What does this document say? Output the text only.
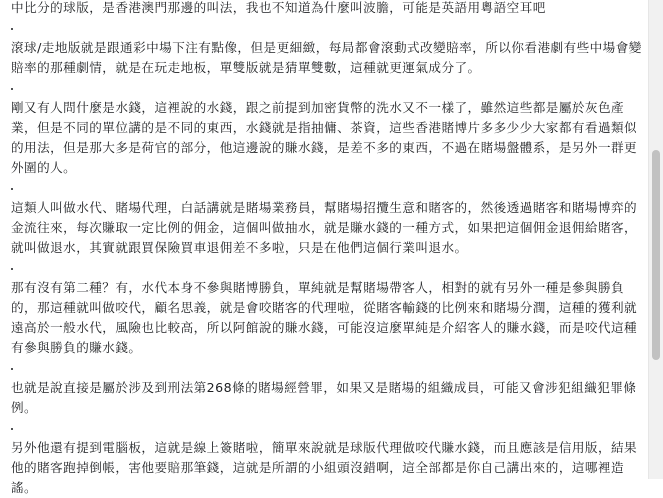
中比分的球版，是香港澳門那邊的叫法，我也不知道為什麼叫波膽，可能是英語用粵語空耳吧

滾球/走地版就是跟通彩中場下注有點像，但是更細緻，每局都會滾動式改變賠率，所以你看港劇有些中場會變賠率的那種劇情，就是在玩走地板，單雙版就是猜單雙數，這種就更運氣成分了。

剛又有人問什麼是水錢，這裡說的水錢，跟之前提到加密貨幣的洗水又不一樣了，雖然這些都是屬於灰色產業，但是不同的單位講的是不同的東西，水錢就是指抽傭、茶資，這些香港賭博片多多少少大家都有看過類似的用法，但是那大多是荷官的部分，他這邊說的賺水錢，是差不多的東西，不過在賭場盤體系，是另外一群更外圍的人。

這類人叫做水代、賭場代理，白話講就是賭場業務員，幫賭場招攬生意和賭客的，然後透過賭客和賭場博弈的金流往來，每次賺取一定比例的佣金，這個叫做抽水，就是賺水錢的一種方式，如果把這個佣金退佣給賭客，就叫做退水，其實就跟買保險買車退佣差不多啦，只是在他們這個行業叫退水。

那有沒有第二種？有，水代本身不參與賭博勝負，單純就是幫賭場帶客人，相對的就有另外一種是參與勝負的，那這種就叫做咬代，顧名思義，就是會咬賭客的代理啦，從賭客輸錢的比例來和賭場分潤，這種的獲利就遠高於一般水代，風險也比較高，所以阿館說的賺水錢，可能沒這麼單純是介紹客人的賺水錢，而是咬代這種有參與勝負的賺水錢。

也就是說直接是屬於涉及到刑法第268條的賭場經營罪，如果又是賭場的組織成員，可能又會涉犯組織犯罪條例。

另外他還有提到電腦板，這就是線上簽賭啦，簡單來說就是球版代理做咬代賺水錢，而且應該是信用版，結果他的賭客跑掉倒帳，害他要賠那筆錢，這就是所謂的小組頭沒錯啊，這全部都是你自己講出來的，這哪裡造謠。
